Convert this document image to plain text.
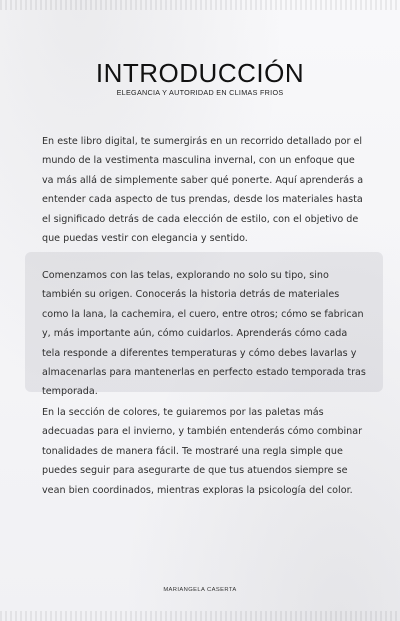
INTRODUCCIÓN

ELEGANCIA Y AUTORIDAD EN CLIMAS FRIOS

En este libro digital, te sumergirás en un recorrido detallado por el mundo de la vestimenta masculina invernal, con un enfoque que va más allá de simplemente saber qué ponerte. Aquí aprenderás a entender cada aspecto de tus prendas, desde los materiales hasta el significado detrás de cada elección de estilo, con el objetivo de que puedas vestir con elegancia y sentido.

Comenzamos con las telas, explorando no solo su tipo, sino también su origen. Conocerás la historia detrás de materiales como la lana, la cachemira, el cuero, entre otros; cómo se fabrican y, más importante aún, cómo cuidarlos. Aprenderás cómo cada tela responde a diferentes temperaturas y cómo debes lavarlas y almacenarlas para mantenerlas en perfecto estado temporada tras temporada.

En la sección de colores, te guiaremos por las paletas más adecuadas para el invierno, y también entenderás cómo combinar tonalidades de manera fácil. Te mostraré una regla simple que puedes seguir para asegurarte de que tus atuendos siempre se vean bien coordinados, mientras exploras la psicología del color.

MARIANGELA CASERTA
